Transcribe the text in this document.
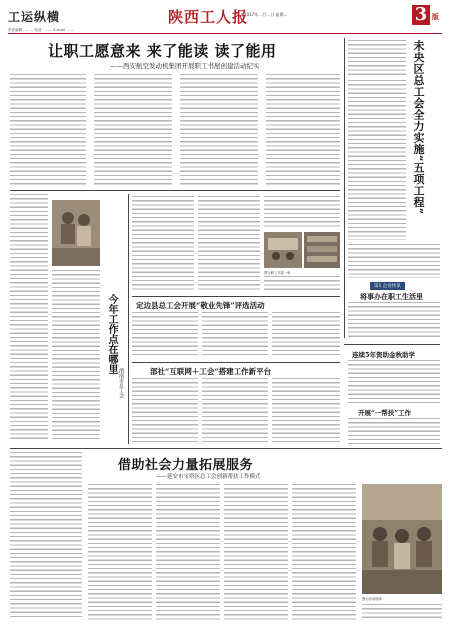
工运纵横	陕西工人报
2017年…月…日 星期…	3 版
责任编辑：…… 电话：…… E-mail：……
让职工愿意来 来了能读 读了能用
——西安航空发动机集团开展职工书屋创建活动纪实	未央区总工会全力实施“五项工程”
第1 企业快讯
将事办在职工生活里
今年工作点在哪里
渭南市总工会
图为职工书屋一角
定边县总工会开展“敬业先锋”评选活动
部社“互联网＋工会”搭建工作新平台
连续5年资助金秋助学
开展“一帮扶”工作
借助社会力量拓展服务
——延安市宝塔区总工会创新帮扶工作模式
图为活动现场
